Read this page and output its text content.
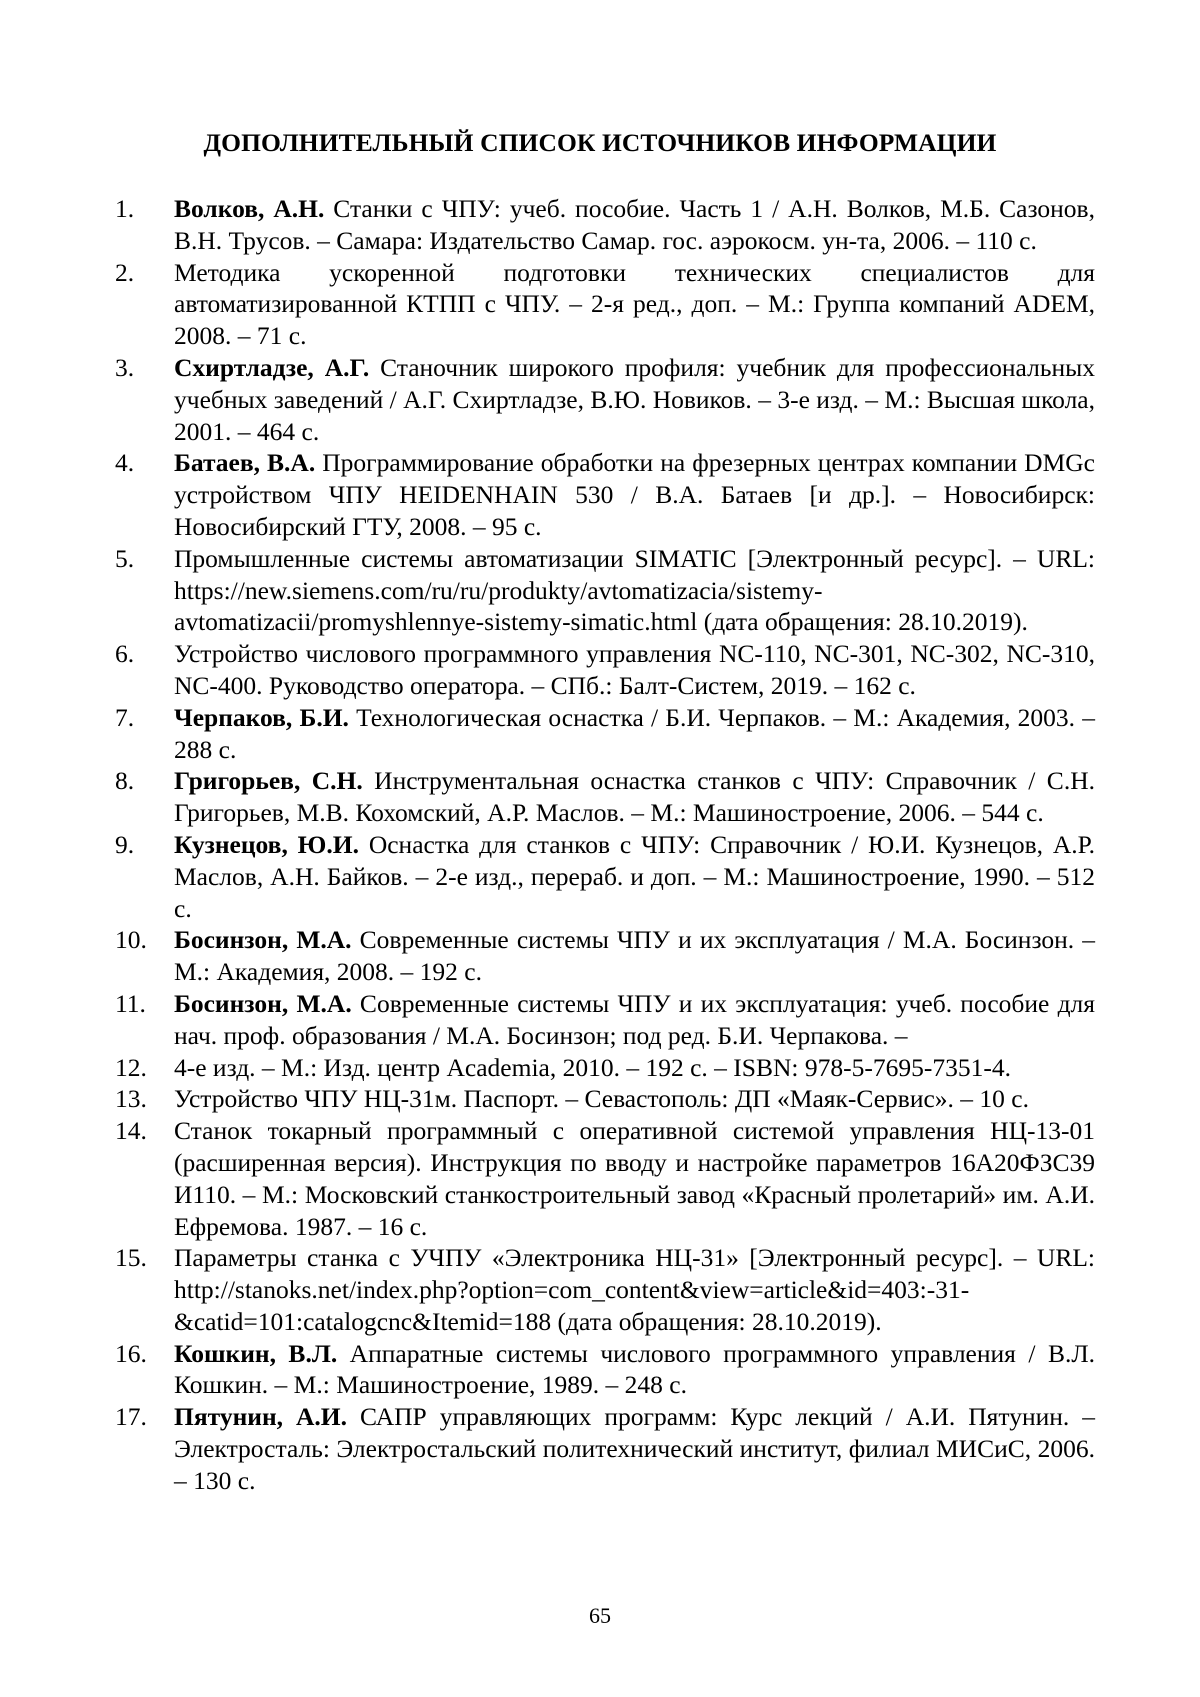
ДОПОЛНИТЕЛЬНЫЙ СПИСОК ИСТОЧНИКОВ ИНФОРМАЦИИ
1. Волков, А.Н. Станки с ЧПУ: учеб. пособие. Часть 1 / А.Н. Волков, М.Б. Сазонов, В.Н. Трусов. – Самара: Издательство Самар. гос. аэрокосм. ун-та, 2006. – 110 с.
2. Методика ускоренной подготовки технических специалистов для автоматизированной КТПП с ЧПУ. – 2-я ред., доп. – М.: Группа компаний ADEM, 2008. – 71 с.
3. Схиртладзе, А.Г. Станочник широкого профиля: учебник для профессиональных учебных заведений / А.Г. Схиртладзе, В.Ю. Новиков. – 3-е изд. – М.: Высшая школа, 2001. – 464 с.
4. Батаев, В.А. Программирование обработки на фрезерных центрах компании DMGс устройством ЧПУ HEIDENHAIN 530 / В.А. Батаев [и др.]. – Новосибирск: Новосибирский ГТУ, 2008. – 95 с.
5. Промышленные системы автоматизации SIMATIC [Электронный ресурс]. – URL: https://new.siemens.com/ru/ru/produkty/avtomatizacia/sistemy-avtomatizacii/promyshlennye-sistemy-simatic.html (дата обращения: 28.10.2019).
6. Устройство числового программного управления NC-110, NC-301, NC-302, NC-310, NC-400. Руководство оператора. – СПб.: Балт-Систем, 2019. – 162 с.
7. Черпаков, Б.И. Технологическая оснастка / Б.И. Черпаков. – М.: Академия, 2003. – 288 с.
8. Григорьев, С.Н. Инструментальная оснастка станков с ЧПУ: Справочник / С.Н. Григорьев, М.В. Кохомский, А.Р. Маслов. – М.: Машиностроение, 2006. – 544 с.
9. Кузнецов, Ю.И. Оснастка для станков с ЧПУ: Справочник / Ю.И. Кузнецов, А.Р. Маслов, А.Н. Байков. – 2-е изд., перераб. и доп. – М.: Машиностроение, 1990. – 512 с.
10. Босинзон, М.А. Современные системы ЧПУ и их эксплуатация / М.А. Босинзон. – М.: Академия, 2008. – 192 с.
11. Босинзон, М.А. Современные системы ЧПУ и их эксплуатация: учеб. пособие для нач. проф. образования / М.А. Босинзон; под ред. Б.И. Черпакова. –
12. 4-е изд. – М.: Изд. центр Academia, 2010. – 192 с. – ISBN: 978-5-7695-7351-4.
13. Устройство ЧПУ НЦ-31м. Паспорт. – Севастополь: ДП «Маяк-Сервис». – 10 с.
14. Станок токарный программный с оперативной системой управления НЦ-13-01 (расширенная версия). Инструкция по вводу и настройке параметров 16А20ФЗС39 И110. – М.: Московский станкостроительный завод «Красный пролетарий» им. А.И. Ефремова. 1987. – 16 с.
15. Параметры станка с УЧПУ «Электроника НЦ-31» [Электронный ресурс]. – URL: http://stanoks.net/index.php?option=com_content&view=article&id=403:-31-&catid=101:catalogcnc&Itemid=188 (дата обращения: 28.10.2019).
16. Кошкин, В.Л. Аппаратные системы числового программного управления / В.Л. Кошкин. – М.: Машиностроение, 1989. – 248 с.
17. Пятунин, А.И. САПР управляющих программ: Курс лекций / А.И. Пятунин. – Электросталь: Электростальский политехнический институт, филиал МИСиС, 2006. – 130 с.
65
